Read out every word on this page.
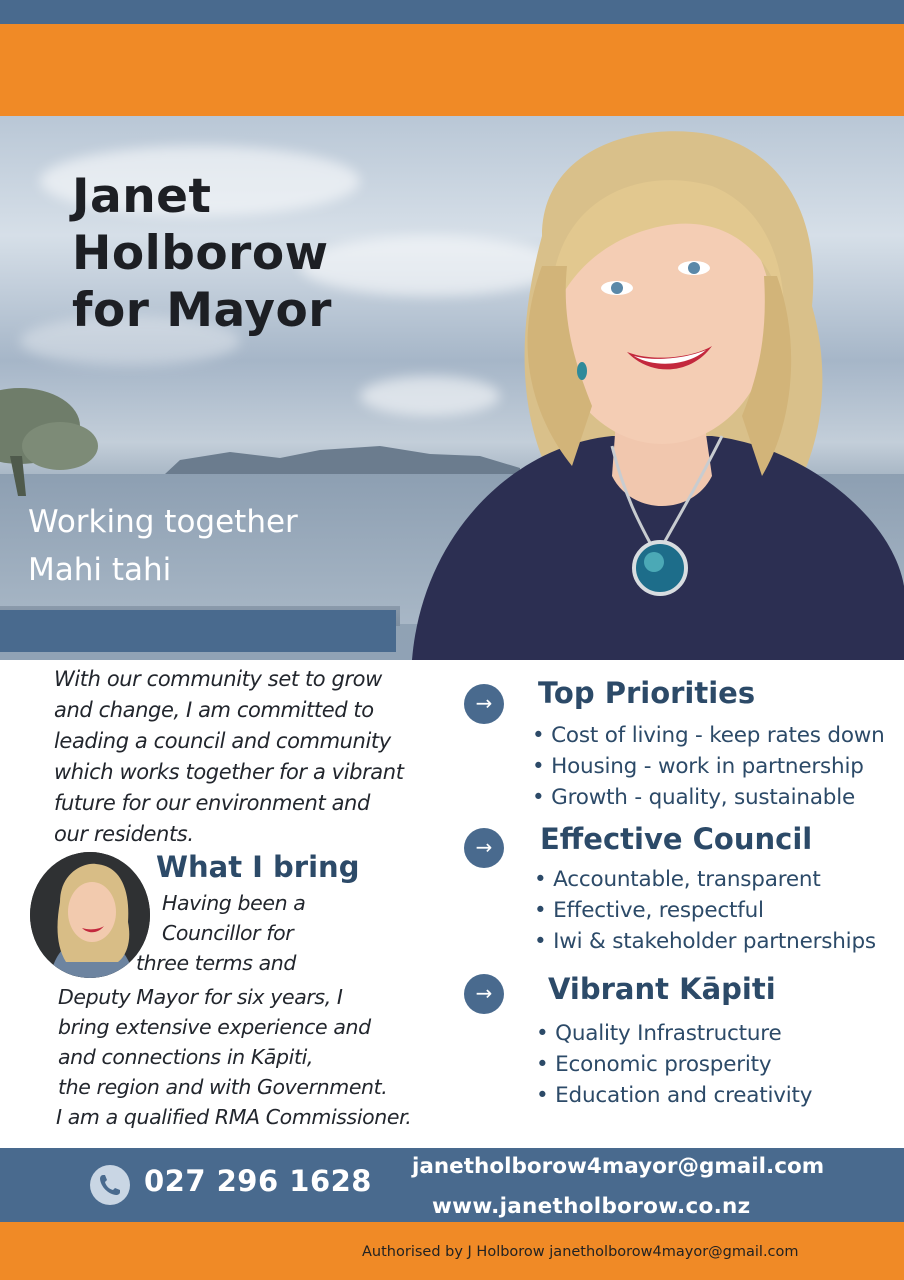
Janet
Holborow
for Mayor
Working together
Mahi tahi
With our community set to grow
and change, I am committed to
leading a council and community
which works together for a vibrant
future for our environment and
our residents.
What I bring
Having been a
Councillor for
three terms and
Deputy Mayor for six years, I
bring extensive experience and
and connections in Kāpiti,
the region and with Government.
I am a qualified RMA Commissioner.
→	Top Priorities
• Cost of living - keep rates down
• Housing - work in partnership
• Growth - quality, sustainable
→	Effective Council
• Accountable, transparent
• Effective, respectful
• Iwi & stakeholder partnerships
→	Vibrant Kāpiti
• Quality Infrastructure
• Economic prosperity
• Education and creativity
027 296 1628 janetholborow4mayor@gmail.com
www.janetholborow.co.nz
Authorised by J Holborow janetholborow4mayor@gmail.com
